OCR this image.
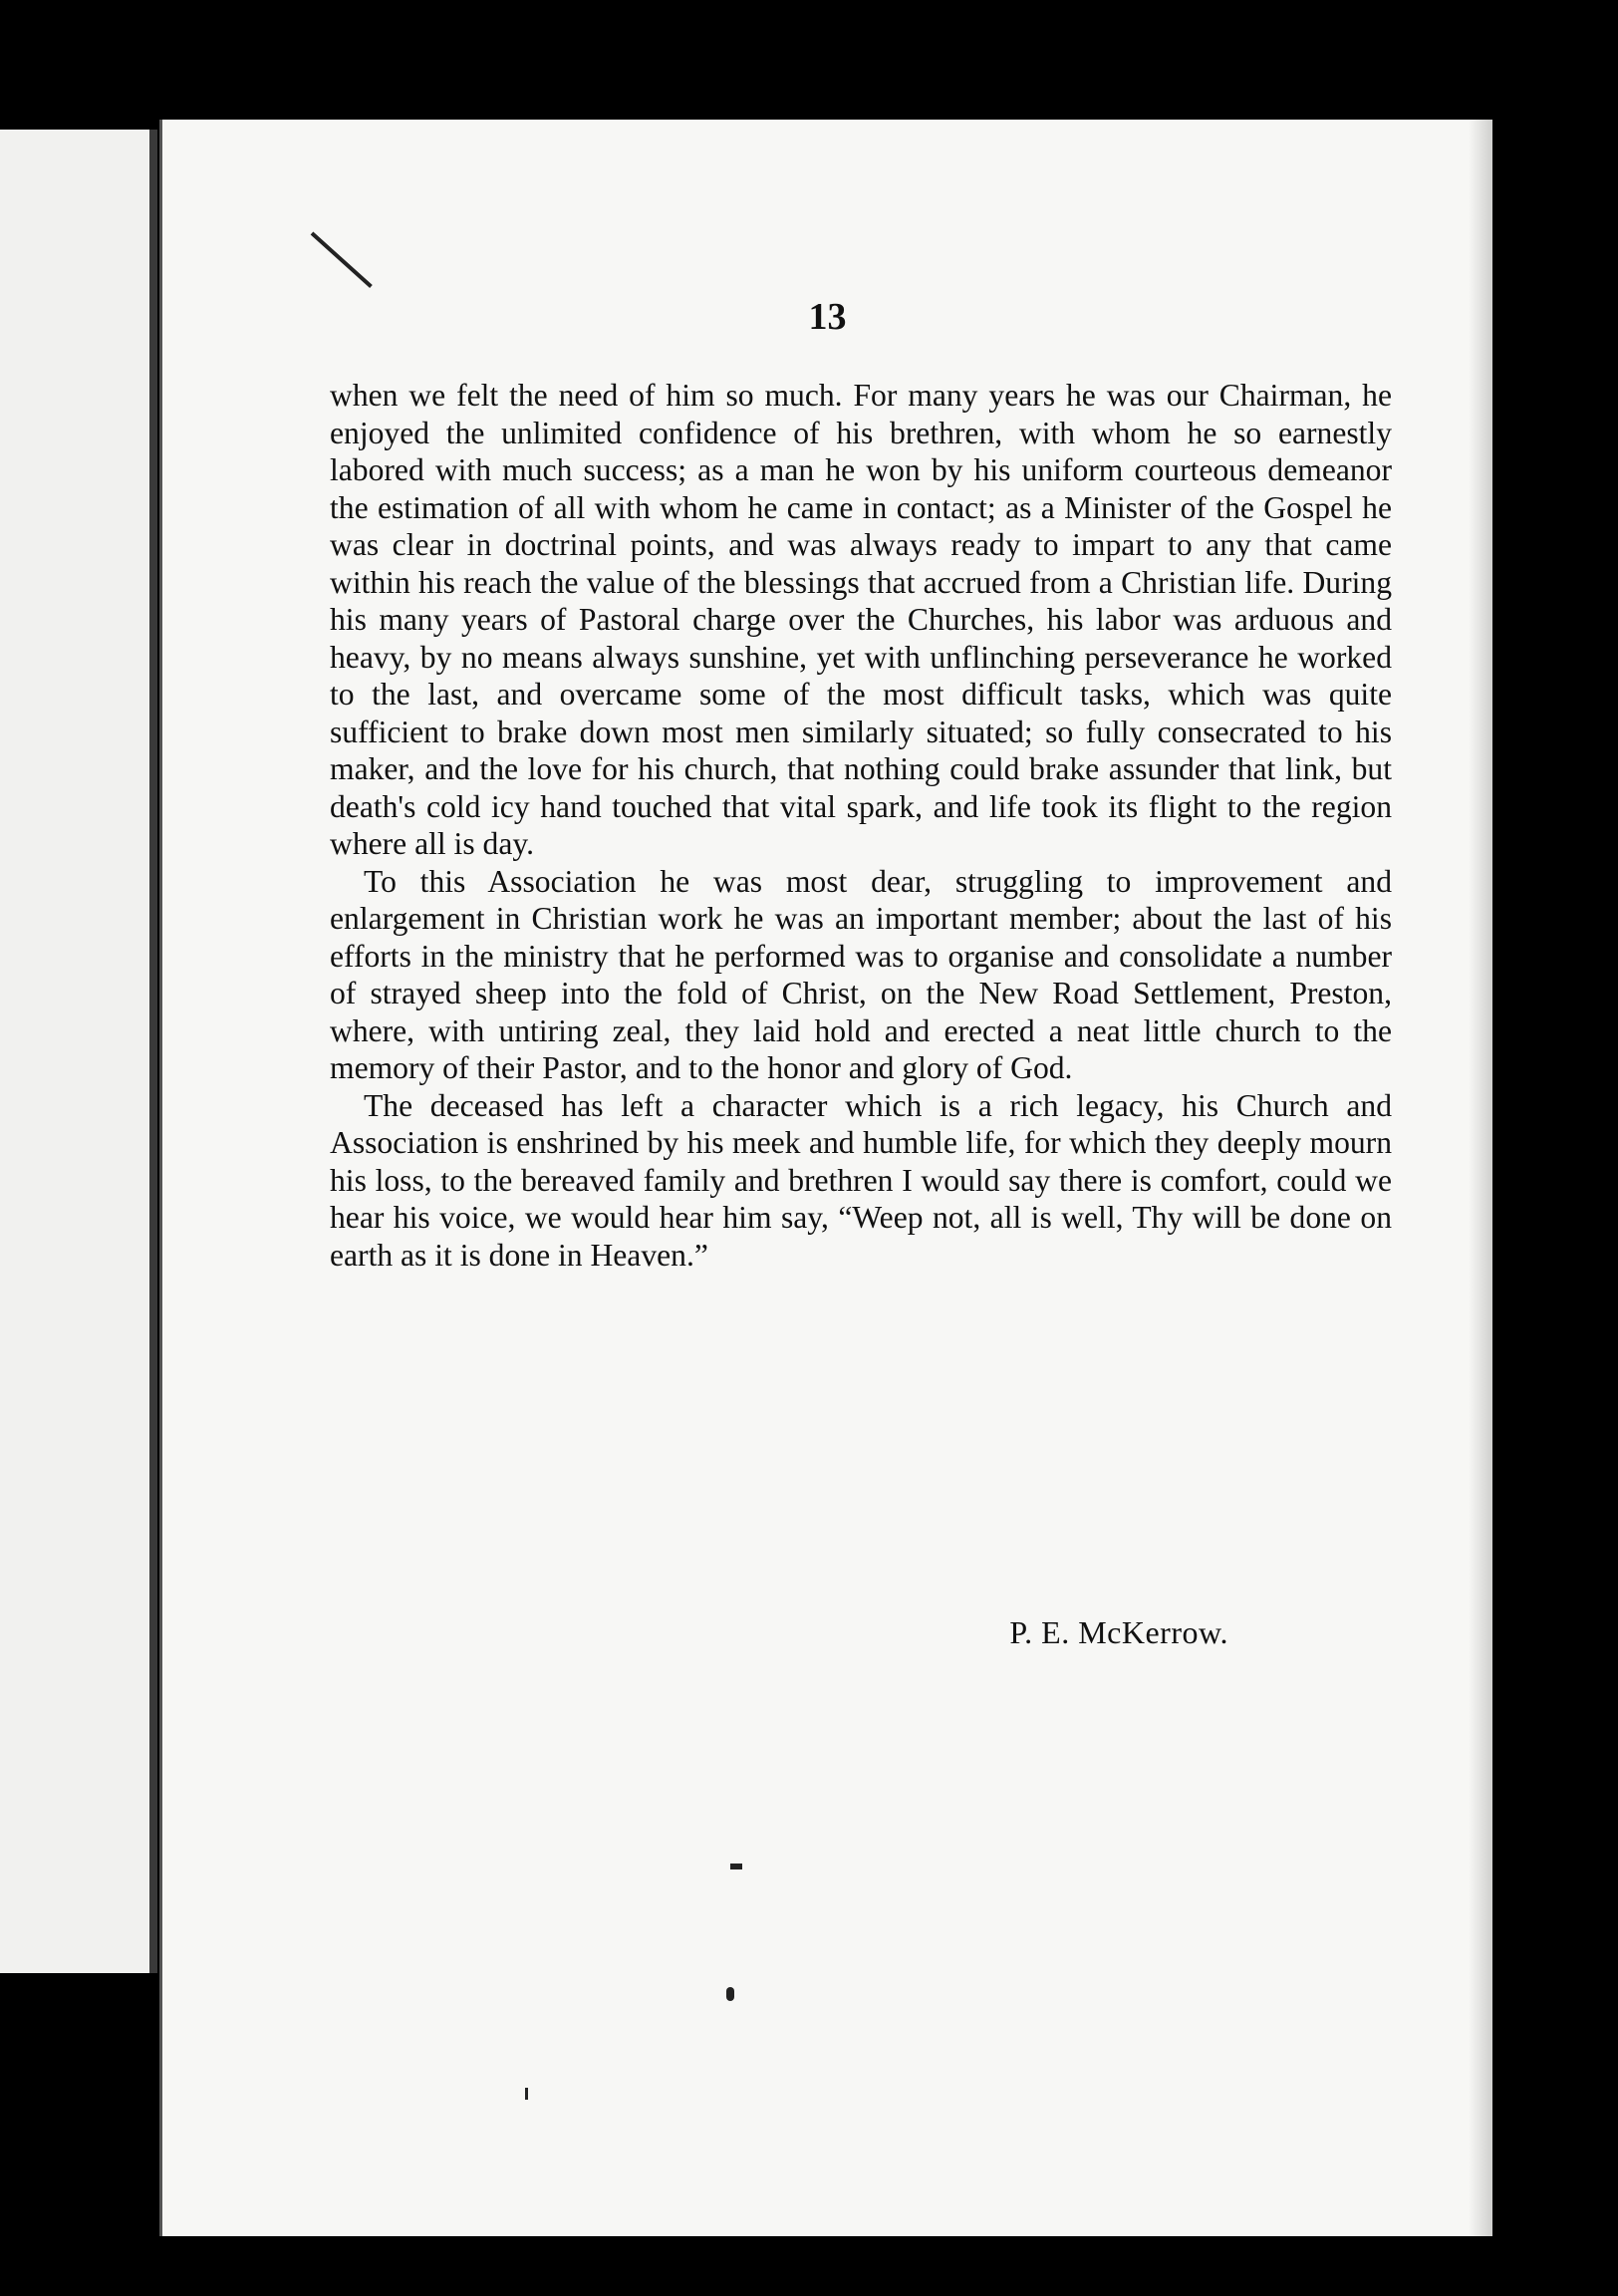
13

when we felt the need of him so much. For many years he was our Chairman, he enjoyed the unlimited confidence of his brethren, with whom he so earnestly labored with much success; as a man he won by his uniform courteous demeanor the estimation of all with whom he came in contact; as a Minister of the Gospel he was clear in doctrinal points, and was always ready to impart to any that came within his reach the value of the blessings that accrued from a Christian life. During his many years of Pastoral charge over the Churches, his labor was arduous and heavy, by no means always sunshine, yet with unflinching perseverance he worked to the last, and overcame some of the most difficult tasks, which was quite sufficient to brake down most men similarly situated; so fully consecrated to his maker, and the love for his church, that nothing could brake assunder that link, but death's cold icy hand touched that vital spark, and life took its flight to the region where all is day.

To this Association he was most dear, struggling to improvement and enlargement in Christian work he was an important member; about the last of his efforts in the ministry that he performed was to organise and consolidate a number of strayed sheep into the fold of Christ, on the New Road Settlement, Preston, where, with untiring zeal, they laid hold and erected a neat little church to the memory of their Pastor, and to the honor and glory of God.

The deceased has left a character which is a rich legacy, his Church and Association is enshrined by his meek and humble life, for which they deeply mourn his loss, to the bereaved family and brethren I would say there is comfort, could we hear his voice, we would hear him say, “Weep not, all is well, Thy will be done on earth as it is done in Heaven.”

P. E. McKerrow.
